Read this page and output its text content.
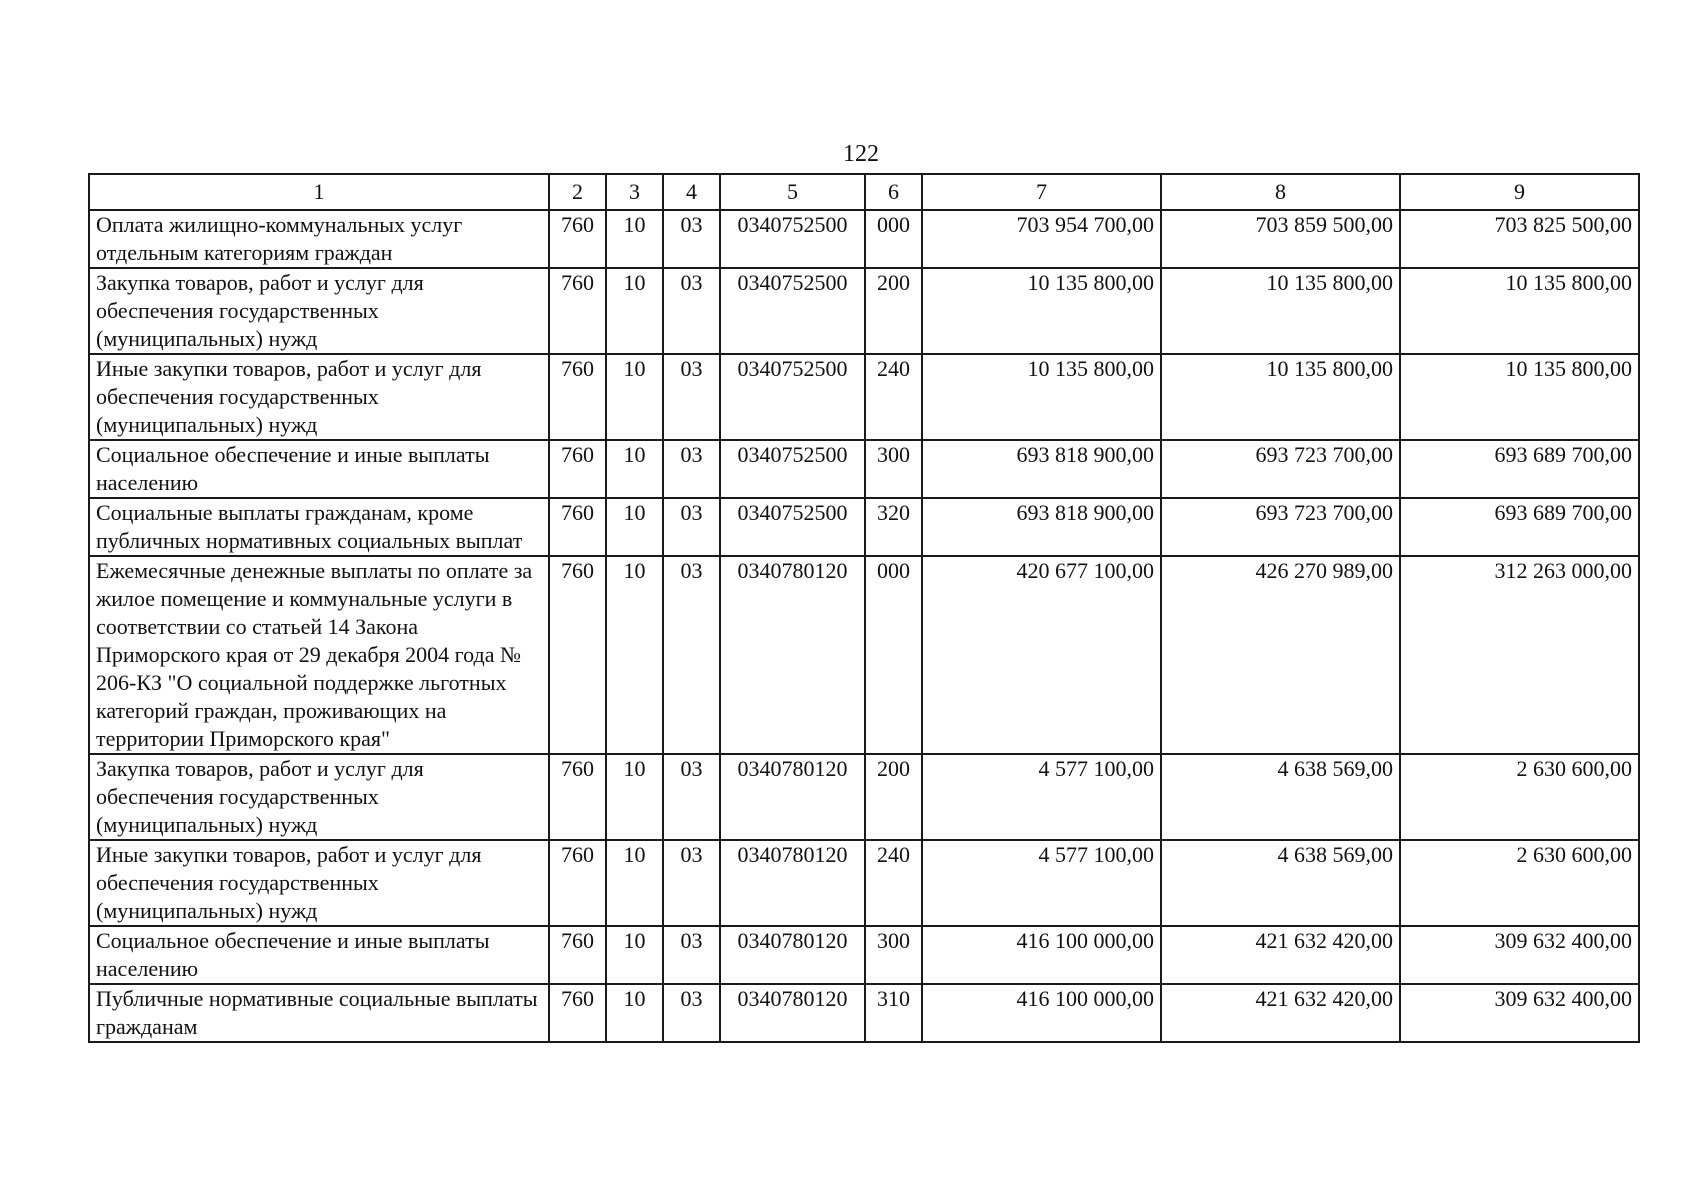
122
1	2	3	4	5	6	7	8	9
Оплата жилищно-коммунальных услуг отдельным категориям граждан	760	10	03	0340752500	000	703 954 700,00	703 859 500,00	703 825 500,00
Закупка товаров, работ и услуг для обеспечения государственных (муниципальных) нужд	760	10	03	0340752500	200	10 135 800,00	10 135 800,00	10 135 800,00
Иные закупки товаров, работ и услуг для обеспечения государственных (муниципальных) нужд	760	10	03	0340752500	240	10 135 800,00	10 135 800,00	10 135 800,00
Социальное обеспечение и иные выплаты населению	760	10	03	0340752500	300	693 818 900,00	693 723 700,00	693 689 700,00
Социальные выплаты гражданам, кроме публичных нормативных социальных выплат	760	10	03	0340752500	320	693 818 900,00	693 723 700,00	693 689 700,00
Ежемесячные денежные выплаты по оплате за жилое помещение и коммунальные услуги в соответствии со статьей 14 Закона Приморского края от 29 декабря 2004 года № 206-КЗ "О социальной поддержке льготных категорий граждан, проживающих на территории Приморского края"	760	10	03	0340780120	000	420 677 100,00	426 270 989,00	312 263 000,00
Закупка товаров, работ и услуг для обеспечения государственных (муниципальных) нужд	760	10	03	0340780120	200	4 577 100,00	4 638 569,00	2 630 600,00
Иные закупки товаров, работ и услуг для обеспечения государственных (муниципальных) нужд	760	10	03	0340780120	240	4 577 100,00	4 638 569,00	2 630 600,00
Социальное обеспечение и иные выплаты населению	760	10	03	0340780120	300	416 100 000,00	421 632 420,00	309 632 400,00
Публичные нормативные социальные выплаты гражданам	760	10	03	0340780120	310	416 100 000,00	421 632 420,00	309 632 400,00
